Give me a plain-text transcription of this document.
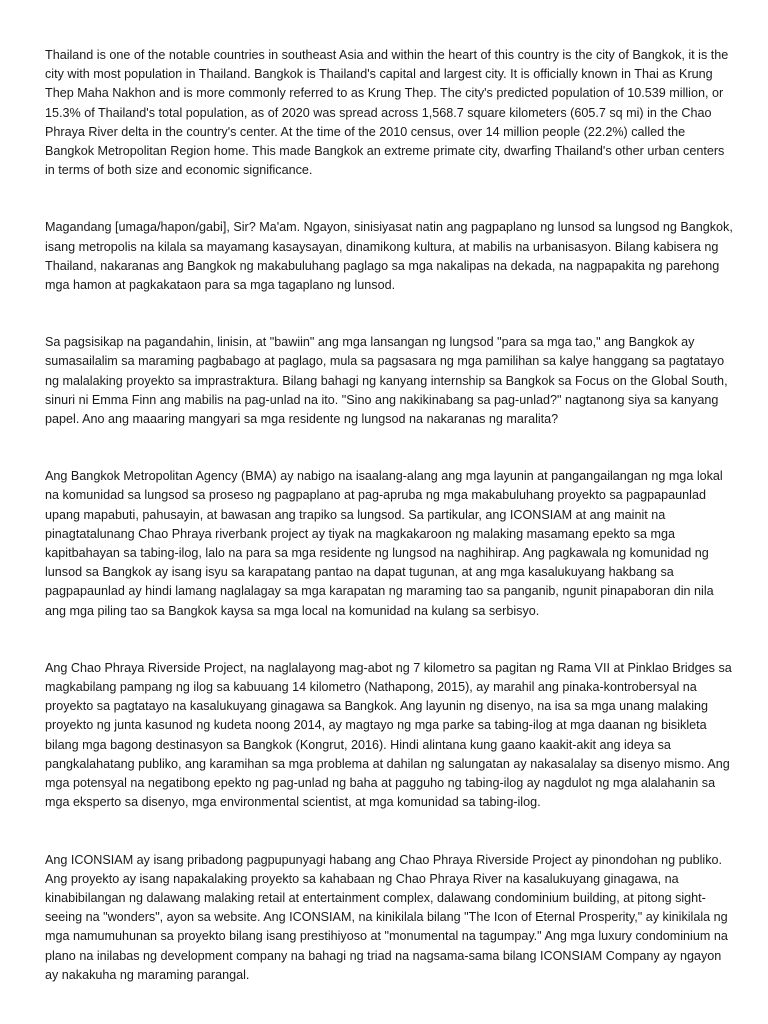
Thailand is one of the notable countries in southeast Asia and within the heart of this country is the city of Bangkok, it is the city with most population in Thailand. Bangkok is Thailand's capital and largest city. It is officially known in Thai as Krung Thep Maha Nakhon and is more commonly referred to as Krung Thep. The city's predicted population of 10.539 million, or 15.3% of Thailand's total population, as of 2020 was spread across 1,568.7 square kilometers (605.7 sq mi) in the Chao Phraya River delta in the country's center. At the time of the 2010 census, over 14 million people (22.2%) called the Bangkok Metropolitan Region home. This made Bangkok an extreme primate city, dwarfing Thailand's other urban centers in terms of both size and economic significance.

Magandang [umaga/hapon/gabi], Sir? Ma'am. Ngayon, sinisiyasat natin ang pagpaplano ng lunsod sa lungsod ng Bangkok, isang metropolis na kilala sa mayamang kasaysayan, dinamikong kultura, at mabilis na urbanisasyon. Bilang kabisera ng Thailand, nakaranas ang Bangkok ng makabuluhang paglago sa mga nakalipas na dekada, na nagpapakita ng parehong mga hamon at pagkakataon para sa mga tagaplano ng lunsod.

Sa pagsisikap na pagandahin, linisin, at "bawiin" ang mga lansangan ng lungsod "para sa mga tao," ang Bangkok ay sumasailalim sa maraming pagbabago at paglago, mula sa pagsasara ng mga pamilihan sa kalye hanggang sa pagtatayo ng malalaking proyekto sa imprastraktura. Bilang bahagi ng kanyang internship sa Bangkok sa Focus on the Global South, sinuri ni Emma Finn ang mabilis na pag-unlad na ito. "Sino ang nakikinabang sa pag-unlad?" nagtanong siya sa kanyang papel. Ano ang maaaring mangyari sa mga residente ng lungsod na nakaranas ng maralita?

Ang Bangkok Metropolitan Agency (BMA) ay nabigo na isaalang-alang ang mga layunin at pangangailangan ng mga lokal na komunidad sa lungsod sa proseso ng pagpaplano at pag-apruba ng mga makabuluhang proyekto sa pagpapaunlad upang mapabuti, pahusayin, at bawasan ang trapiko sa lungsod. Sa partikular, ang ICONSIAM at ang mainit na pinagtatalunang Chao Phraya riverbank project ay tiyak na magkakaroon ng malaking masamang epekto sa mga kapitbahayan sa tabing-ilog, lalo na para sa mga residente ng lungsod na naghihirap. Ang pagkawala ng komunidad ng lunsod sa Bangkok ay isang isyu sa karapatang pantao na dapat tugunan, at ang mga kasalukuyang hakbang sa pagpapaunlad ay hindi lamang naglalagay sa mga karapatan ng maraming tao sa panganib, ngunit pinapaboran din nila ang mga piling tao sa Bangkok kaysa sa mga local na komunidad na kulang sa serbisyo.

Ang Chao Phraya Riverside Project, na naglalayong mag-abot ng 7 kilometro sa pagitan ng Rama VII at Pinklao Bridges sa magkabilang pampang ng ilog sa kabuuang 14 kilometro (Nathapong, 2015), ay marahil ang pinaka-kontrobersyal na proyekto sa pagtatayo na kasalukuyang ginagawa sa Bangkok. Ang layunin ng disenyo, na isa sa mga unang malaking proyekto ng junta kasunod ng kudeta noong 2014, ay magtayo ng mga parke sa tabing-ilog at mga daanan ng bisikleta bilang mga bagong destinasyon sa Bangkok (Kongrut, 2016). Hindi alintana kung gaano kaakit-akit ang ideya sa pangkalahatang publiko, ang karamihan sa mga problema at dahilan ng salungatan ay nakasalalay sa disenyo mismo. Ang mga potensyal na negatibong epekto ng pag-unlad ng baha at pagguho ng tabing-ilog ay nagdulot ng mga alalahanin sa mga eksperto sa disenyo, mga environmental scientist, at mga komunidad sa tabing-ilog.

Ang ICONSIAM ay isang pribadong pagpupunyagi habang ang Chao Phraya Riverside Project ay pinondohan ng publiko. Ang proyekto ay isang napakalaking proyekto sa kahabaan ng Chao Phraya River na kasalukuyang ginagawa, na kinabibilangan ng dalawang malaking retail at entertainment complex, dalawang condominium building, at pitong sight-seeing na "wonders", ayon sa website. Ang ICONSIAM, na kinikilala bilang "The Icon of Eternal Prosperity," ay kinikilala ng mga namumuhunan sa proyekto bilang isang prestihiyoso at "monumental na tagumpay." Ang mga luxury condominium na plano na inilabas ng development company na bahagi ng triad na nagsama-sama bilang ICONSIAM Company ay ngayon ay nakakuha ng maraming parangal.
